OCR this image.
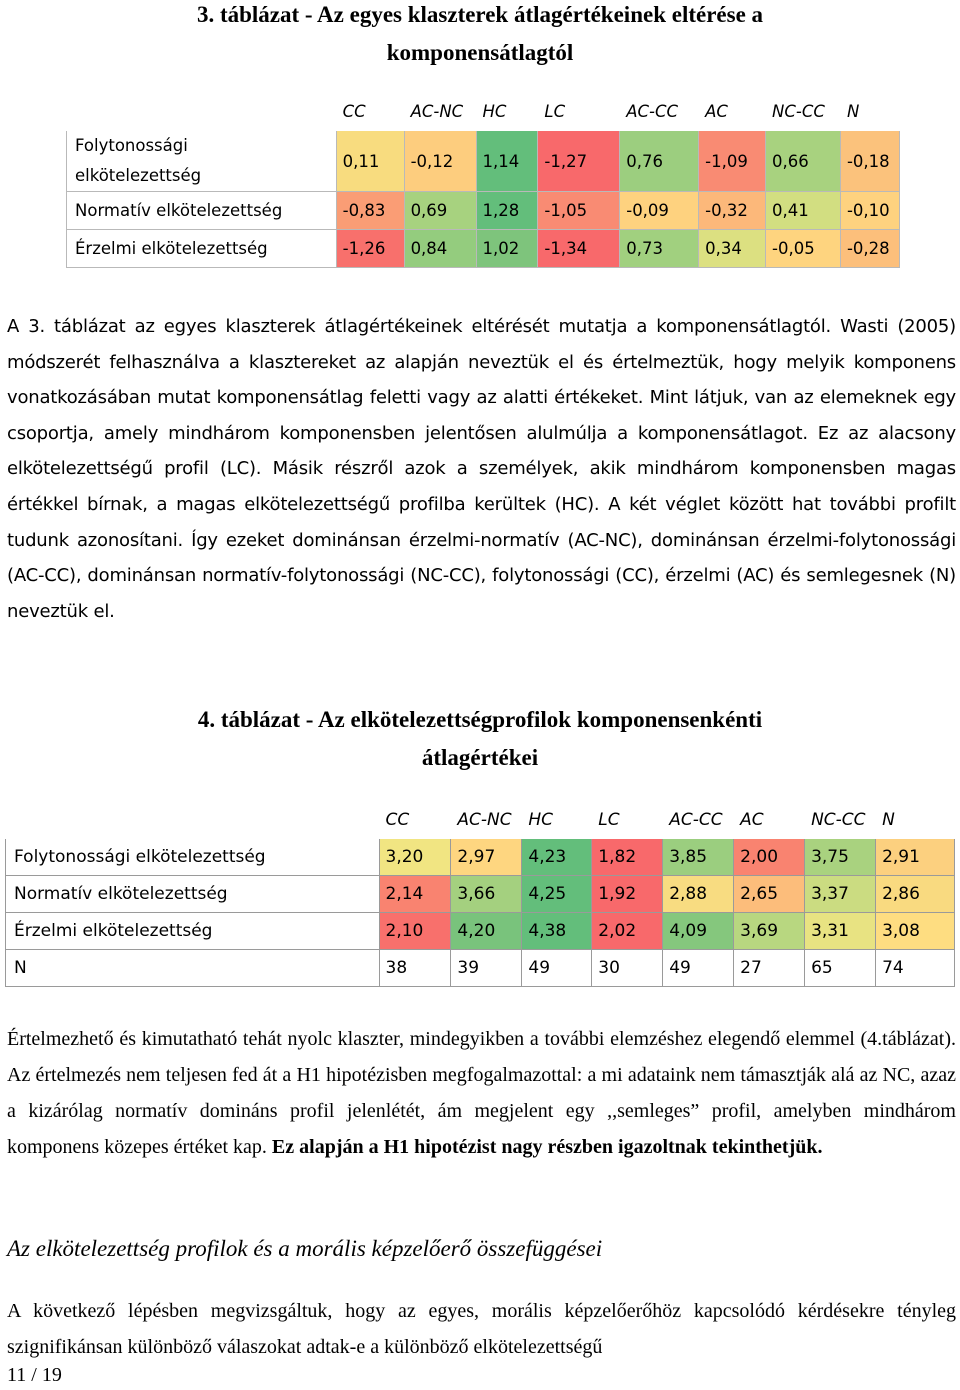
3. táblázat - Az egyes klaszterek átlagértékeinek eltérése a
komponensátlagtól
	CC	AC-NC	HC	LC	AC-CC	AC	NC-CC	N

Folytonossági
elkötelezettség	0,11	-0,12	1,14	-1,27	0,76	-1,09	0,66	-0,18
Normatív elkötelezettség	-0,83	0,69	1,28	-1,05	-0,09	-0,32	0,41	-0,10
Érzelmi elkötelezettség	-1,26	0,84	1,02	-1,34	0,73	0,34	-0,05	-0,28
A 3. táblázat az egyes klaszterek átlagértékeinek eltérését mutatja a komponensátlagtól. Wasti (2005) módszerét felhasználva a klasztereket az alapján neveztük el és értelmeztük, hogy melyik komponens vonatkozásában mutat komponensátlag feletti vagy az alatti értékeket. Mint látjuk, van az elemeknek egy csoportja, amely mindhárom komponensben jelentősen alulmúlja a komponensátlagot. Ez az alacsony elkötelezettségű profil (LC). Másik részről azok a személyek, akik mindhárom komponensben magas értékkel bírnak, a magas elkötelezettségű profilba kerültek (HC). A két véglet között hat további profilt tudunk azonosítani. Így ezeket dominánsan érzelmi-normatív (AC-NC), dominánsan érzelmi-folytonossági (AC-CC), dominánsan normatív-folytonossági (NC-CC), folytonossági (CC), érzelmi (AC) és semlegesnek (N) neveztük el.
4. táblázat - Az elkötelezettségprofilok komponensenkénti
átlagértékei
	CC	AC-NC	HC	LC	AC-CC	AC	NC-CC	N
Folytonossági elkötelezettség	3,20	2,97	4,23	1,82	3,85	2,00	3,75	2,91
Normatív elkötelezettség	2,14	3,66	4,25	1,92	2,88	2,65	3,37	2,86
Érzelmi elkötelezettség	2,10	4,20	4,38	2,02	4,09	3,69	3,31	3,08
N	38	39	49	30	49	27	65	74
Értelmezhető és kimutatható tehát nyolc klaszter, mindegyikben a további elemzéshez elegendő elemmel (4.táblázat). Az értelmezés nem teljesen fed át a H1 hipotézisben megfogalmazottal: a mi adataink nem támasztják alá az NC, azaz a kizárólag normatív domináns profil jelenlétét, ám megjelent egy ,,semleges” profil, amelyben mindhárom komponens közepes értéket kap. Ez alapján a H1 hipotézist nagy részben igazoltnak tekinthetjük.
Az elkötelezettség profilok és a morális képzelőerő összefüggései
A következő lépésben megvizsgáltuk, hogy az egyes, morális képzelőerőhöz kapcsolódó kérdésekre tényleg szignifikánsan különböző válaszokat adtak-e a különböző elkötelezettségű
11 / 19
